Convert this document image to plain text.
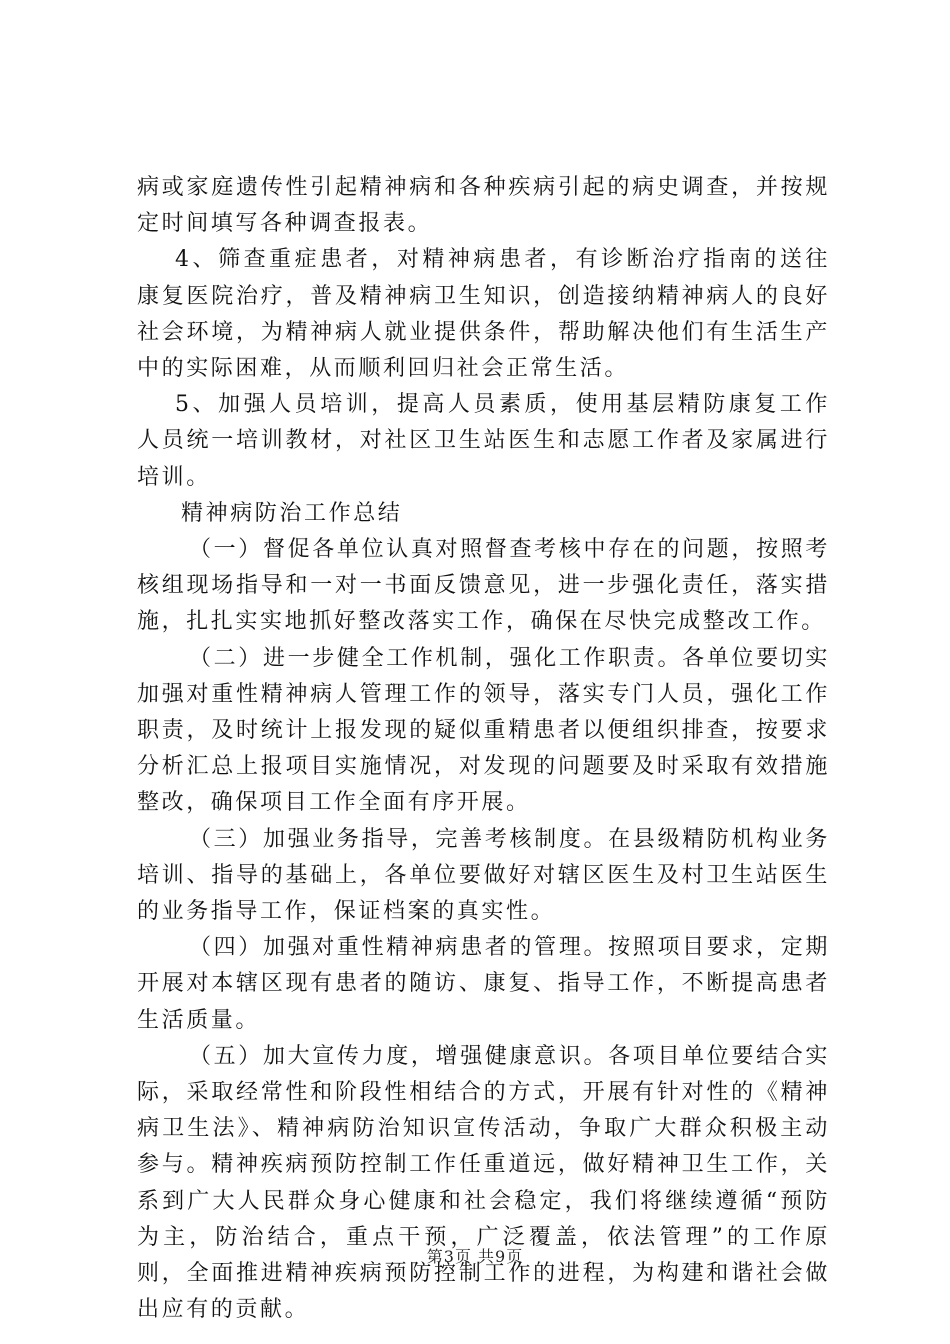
病或家庭遗传性引起精神病和各种疾病引起的病史调查，并按规定时间填写各种调查报表。

4、筛查重症患者，对精神病患者，有诊断治疗指南的送往康复医院治疗，普及精神病卫生知识，创造接纳精神病人的良好社会环境，为精神病人就业提供条件，帮助解决他们有生活生产中的实际困难，从而顺利回归社会正常生活。

5、加强人员培训，提高人员素质，使用基层精防康复工作人员统一培训教材，对社区卫生站医生和志愿工作者及家属进行培训。

精神病防治工作总结

（一）督促各单位认真对照督查考核中存在的问题，按照考核组现场指导和一对一书面反馈意见，进一步强化责任，落实措施，扎扎实实地抓好整改落实工作，确保在尽快完成整改工作。

（二）进一步健全工作机制，强化工作职责。各单位要切实加强对重性精神病人管理工作的领导，落实专门人员，强化工作职责，及时统计上报发现的疑似重精患者以便组织排查，按要求分析汇总上报项目实施情况，对发现的问题要及时采取有效措施整改，确保项目工作全面有序开展。

（三）加强业务指导，完善考核制度。在县级精防机构业务培训、指导的基础上，各单位要做好对辖区医生及村卫生站医生的业务指导工作，保证档案的真实性。

（四）加强对重性精神病患者的管理。按照项目要求，定期开展对本辖区现有患者的随访、康复、指导工作，不断提高患者生活质量。

（五）加大宣传力度，增强健康意识。各项目单位要结合实际，采取经常性和阶段性相结合的方式，开展有针对性的《精神病卫生法》、精神病防治知识宣传活动，争取广大群众积极主动参与。精神疾病预防控制工作任重道远，做好精神卫生工作，关系到广大人民群众身心健康和社会稳定，我们将继续遵循“预防为主，防治结合，重点干预，广泛覆盖，依法管理”的工作原则，全面推进精神疾病预防控制工作的进程，为构建和谐社会做出应有的贡献。

第3页 共9页
